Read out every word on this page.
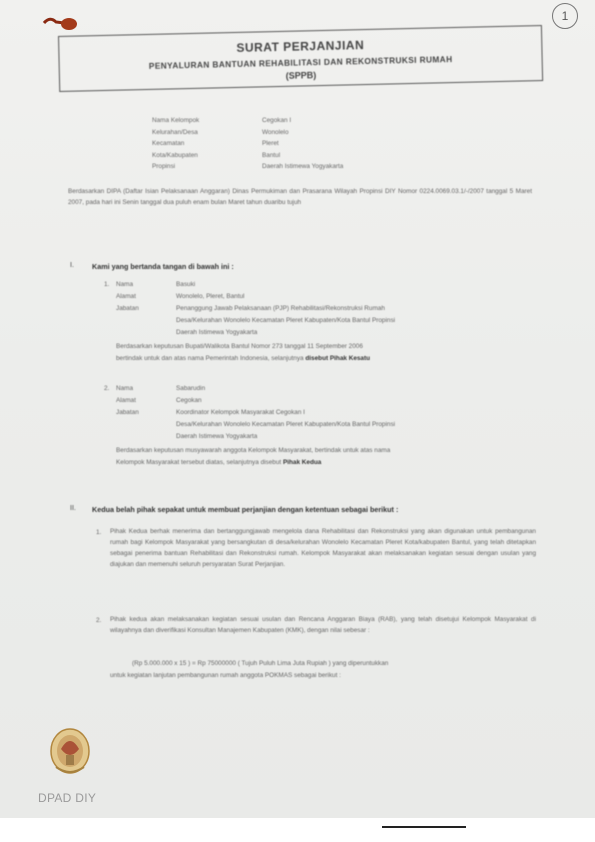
1
SURAT PERJANJIAN
PENYALURAN BANTUAN REHABILITASI DAN REKONSTRUKSI RUMAH
(SPPB)
Nama Kelompok	Cegokan I
Kelurahan/Desa	Wonolelo
Kecamatan	Pleret
Kota/Kabupaten	Bantul
Propinsi	Daerah Istimewa Yogyakarta
Berdasarkan DIPA (Daftar Isian Pelaksanaan Anggaran) Dinas Permukiman dan Prasarana Wilayah Propinsi DIY Nomor 0224.0069.03.1/-/2007 tanggal 5 Maret 2007, pada hari ini Senin tanggal dua puluh enam bulan Maret tahun duaribu tujuh
I.	Kami yang bertanda tangan di bawah ini :
1. Nama	Basuki
Alamat	Wonolelo, Pleret, Bantul
Jabatan	Penanggung Jawab Pelaksanaan (PJP) Rehabilitasi/Rekonstruksi Rumah
Desa/Kelurahan Wonolelo Kecamatan Pleret Kabupaten/Kota Bantul Propinsi
Daerah Istimewa Yogyakarta
Berdasarkan keputusan Bupati/Walikota Bantul Nomor 273 tanggal 11 September 2006
bertindak untuk dan atas nama Pemerintah Indonesia, selanjutnya disebut Pihak Kesatu
2. Nama	Sabarudin
Alamat	Cegokan
Jabatan	Koordinator Kelompok Masyarakat Cegokan I
Desa/Kelurahan Wonolelo Kecamatan Pleret Kabupaten/Kota Bantul Propinsi
Daerah Istimewa Yogyakarta
Berdasarkan keputusan musyawarah anggota Kelompok Masyarakat, bertindak untuk atas nama
Kelompok Masyarakat tersebut diatas, selanjutnya disebut Pihak Kedua
II. Kedua belah pihak sepakat untuk membuat perjanjian dengan ketentuan sebagai berikut :
1. Pihak Kedua berhak menerima dan bertanggungjawab mengelola dana Rehabilitasi dan Rekonstruksi yang akan digunakan untuk pembangunan rumah bagi Kelompok Masyarakat yang bersangkutan di desa/kelurahan Wonolelo Kecamatan Pleret Kota/kabupaten Bantul, yang telah ditetapkan sebagai penerima bantuan Rehabilitasi dan Rekonstruksi rumah. Kelompok Masyarakat akan melaksanakan kegiatan sesuai dengan usulan yang diajukan dan memenuhi seluruh persyaratan Surat Perjanjian.
2. Pihak kedua akan melaksanakan kegiatan sesuai usulan dan Rencana Anggaran Biaya (RAB), yang telah disetujui Kelompok Masyarakat di wilayahnya dan diverifikasi Konsultan Manajemen Kabupaten (KMK), dengan nilai sebesar :
(Rp 5.000.000 x 15 ) = Rp 75000000 ( Tujuh Puluh Lima Juta Rupiah ) yang diperuntukkan
untuk kegiatan lanjutan pembangunan rumah anggota POKMAS sebagai berikut :
DPAD DIY
